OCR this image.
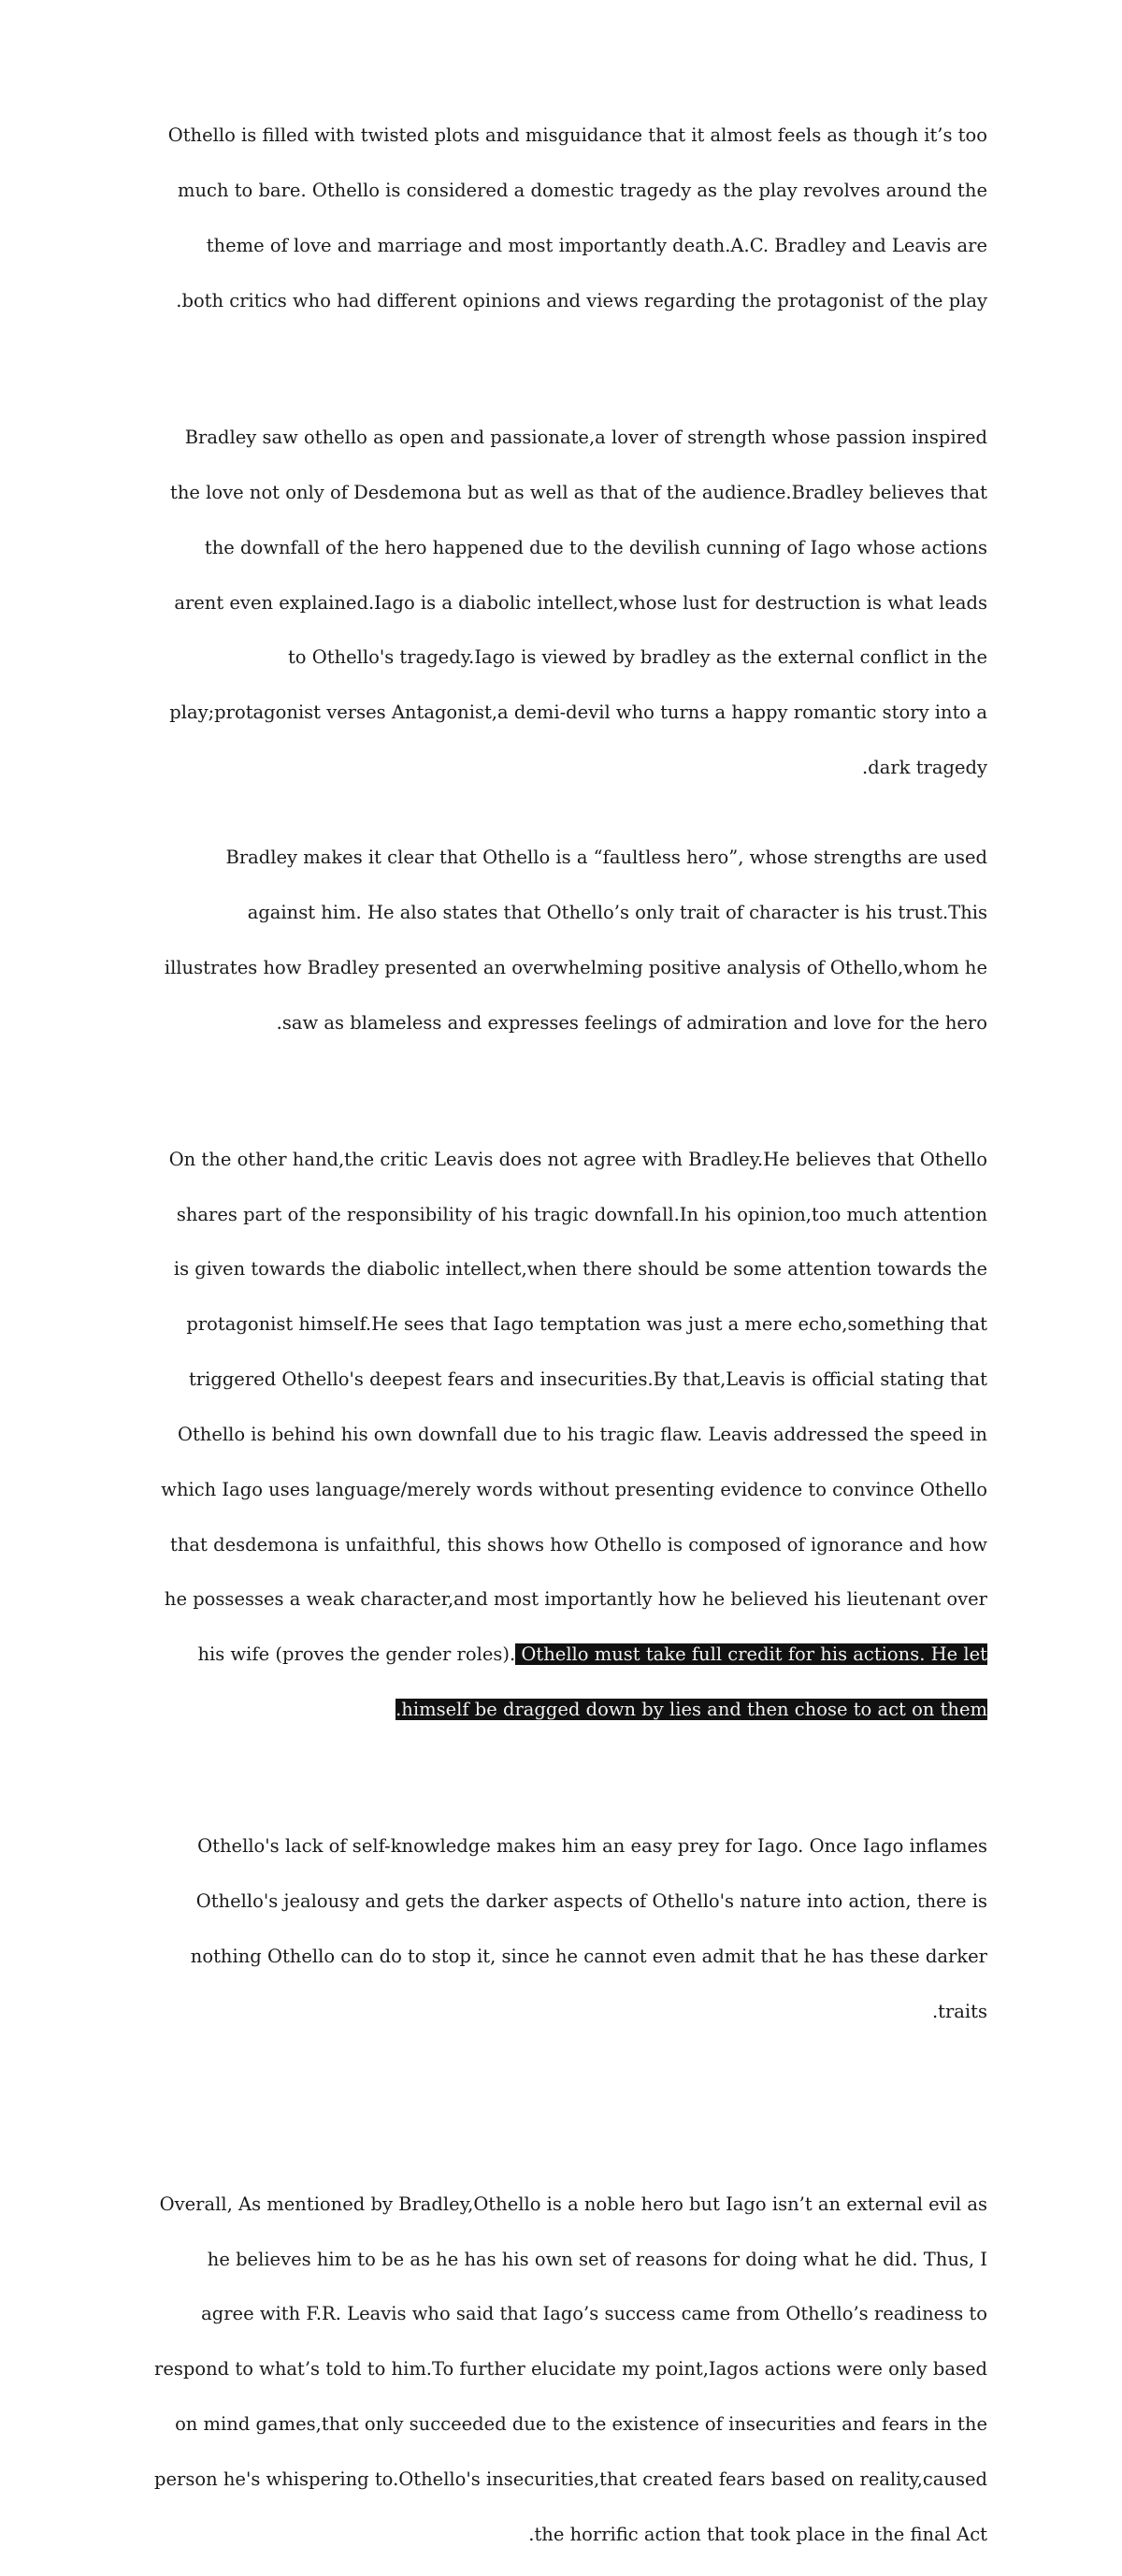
Othello is filled with twisted plots and misguidance that it almost feels as though it’s too

much to bare. Othello is considered a domestic tragedy as the play revolves around the

theme of love and marriage and most importantly death.A.C. Bradley and Leavis are

.both critics who had different opinions and views regarding the protagonist of the play

Bradley saw othello as open and passionate,a lover of strength whose passion inspired

the love not only of Desdemona but as well as that of the audience.Bradley believes that

the downfall of the hero happened due to the devilish cunning of Iago whose actions

arent even explained.Iago is a diabolic intellect,whose lust for destruction is what leads

to Othello's tragedy.Iago is viewed by bradley as the external conflict in the

play;protagonist verses Antagonist,a demi-devil who turns a happy romantic story into a

.dark tragedy

Bradley makes it clear that Othello is a “faultless hero”, whose strengths are used

against him. He also states that Othello’s only trait of character is his trust.This

illustrates how Bradley presented an overwhelming positive analysis of Othello,whom he

.saw as blameless and expresses feelings of admiration and love for the hero

On the other hand,the critic Leavis does not agree with Bradley.He believes that Othello

shares part of the responsibility of his tragic downfall.In his opinion,too much attention

is given towards the diabolic intellect,when there should be some attention towards the

protagonist himself.He sees that Iago temptation was just a mere echo,something that

triggered Othello's deepest fears and insecurities.By that,Leavis is official stating that

Othello is behind his own downfall due to his tragic flaw. Leavis addressed the speed in

which Iago uses language/merely words without presenting evidence to convince Othello

that desdemona is unfaithful, this shows how Othello is composed of ignorance and how

he possesses a weak character,and most importantly how he believed his lieutenant over

his wife (proves the gender roles). Othello must take full credit for his actions. He let

.himself be dragged down by lies and then chose to act on them

Othello's lack of self-knowledge makes him an easy prey for Iago. Once Iago inflames

Othello's jealousy and gets the darker aspects of Othello's nature into action, there is

nothing Othello can do to stop it, since he cannot even admit that he has these darker

.traits

Overall, As mentioned by Bradley,Othello is a noble hero but Iago isn’t an external evil as

he believes him to be as he has his own set of reasons for doing what he did. Thus, I

agree with F.R. Leavis who said that Iago’s success came from Othello’s readiness to

respond to what’s told to him.To further elucidate my point,Iagos actions were only based

on mind games,that only succeeded due to the existence of insecurities and fears in the

person he's whispering to.Othello's insecurities,that created fears based on reality,caused

.the horrific action that took place in the final Act
